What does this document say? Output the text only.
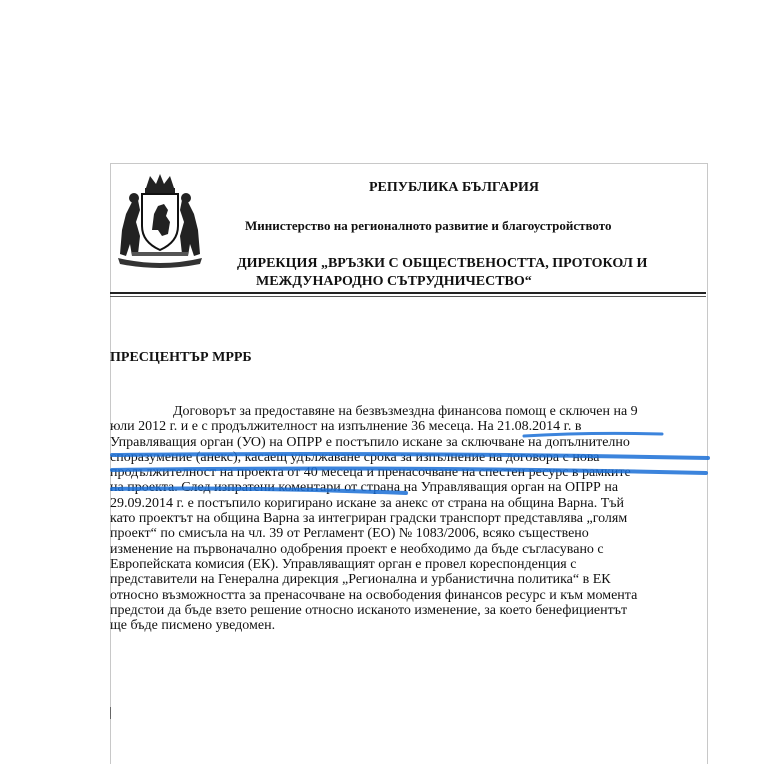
РЕПУБЛИКА БЪЛГАРИЯ
Министерство на регионалното развитие и благоустройството
ДИРЕКЦИЯ „ВРЪЗКИ С ОБЩЕСТВЕНОСТТА, ПРОТОКОЛ И
МЕЖДУНАРОДНО СЪТРУДНИЧЕСТВО“
ПРЕСЦЕНТЪР МРРБ
Договорът за предоставяне на безвъзмездна финансова помощ е сключен на 9
юли 2012 г. и е с продължителност на изпълнение 36 месеца. На 21.08.2014 г. в
Управляващия орган (УО) на ОПРР е постъпило искане за сключване на допълнително
споразумение (анекс), касаещ удължаване срока за изпълнение на договора с нова
продължителност на проекта от 40 месеца и пренасочване на спестен ресурс в рамките
на проекта. След изпратени коментари от страна на Управляващия орган на ОПРР на
29.09.2014 г. е постъпило коригирано искане за анекс от страна на община Варна. Тъй
като проектът на община Варна за интегриран градски транспорт представлява „голям
проект“ по смисъла на чл. 39 от Регламент (ЕО) № 1083/2006, всяко съществено
изменение на първоначално одобрения проект е необходимо да бъде съгласувано с
Европейската комисия (ЕК). Управляващият орган е провел кореспонденция с
представители на Генерална дирекция „Регионална и урбанистична политика“ в ЕК
относно възможността за пренасочване на освободения финансов ресурс и към момента
предстои да бъде взето решение относно исканото изменение, за което бенефициентът
ще бъде писмено уведомен.
